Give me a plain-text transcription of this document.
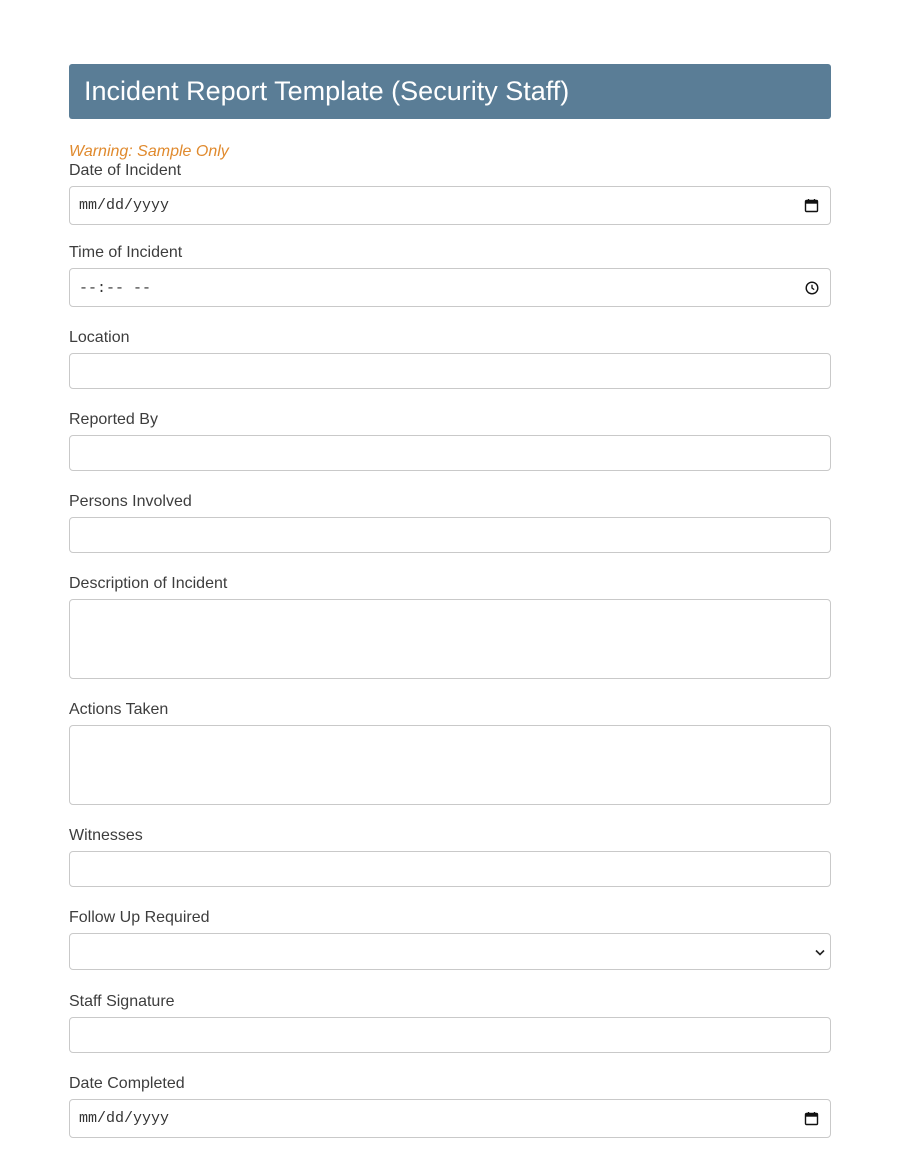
Incident Report Template (Security Staff)
Warning: Sample Only
Date of Incident
mm/dd/yyyy
Time of Incident
--:-- --
Location
Reported By
Persons Involved
Description of Incident
Actions Taken
Witnesses
Follow Up Required
Staff Signature
Date Completed
mm/dd/yyyy
